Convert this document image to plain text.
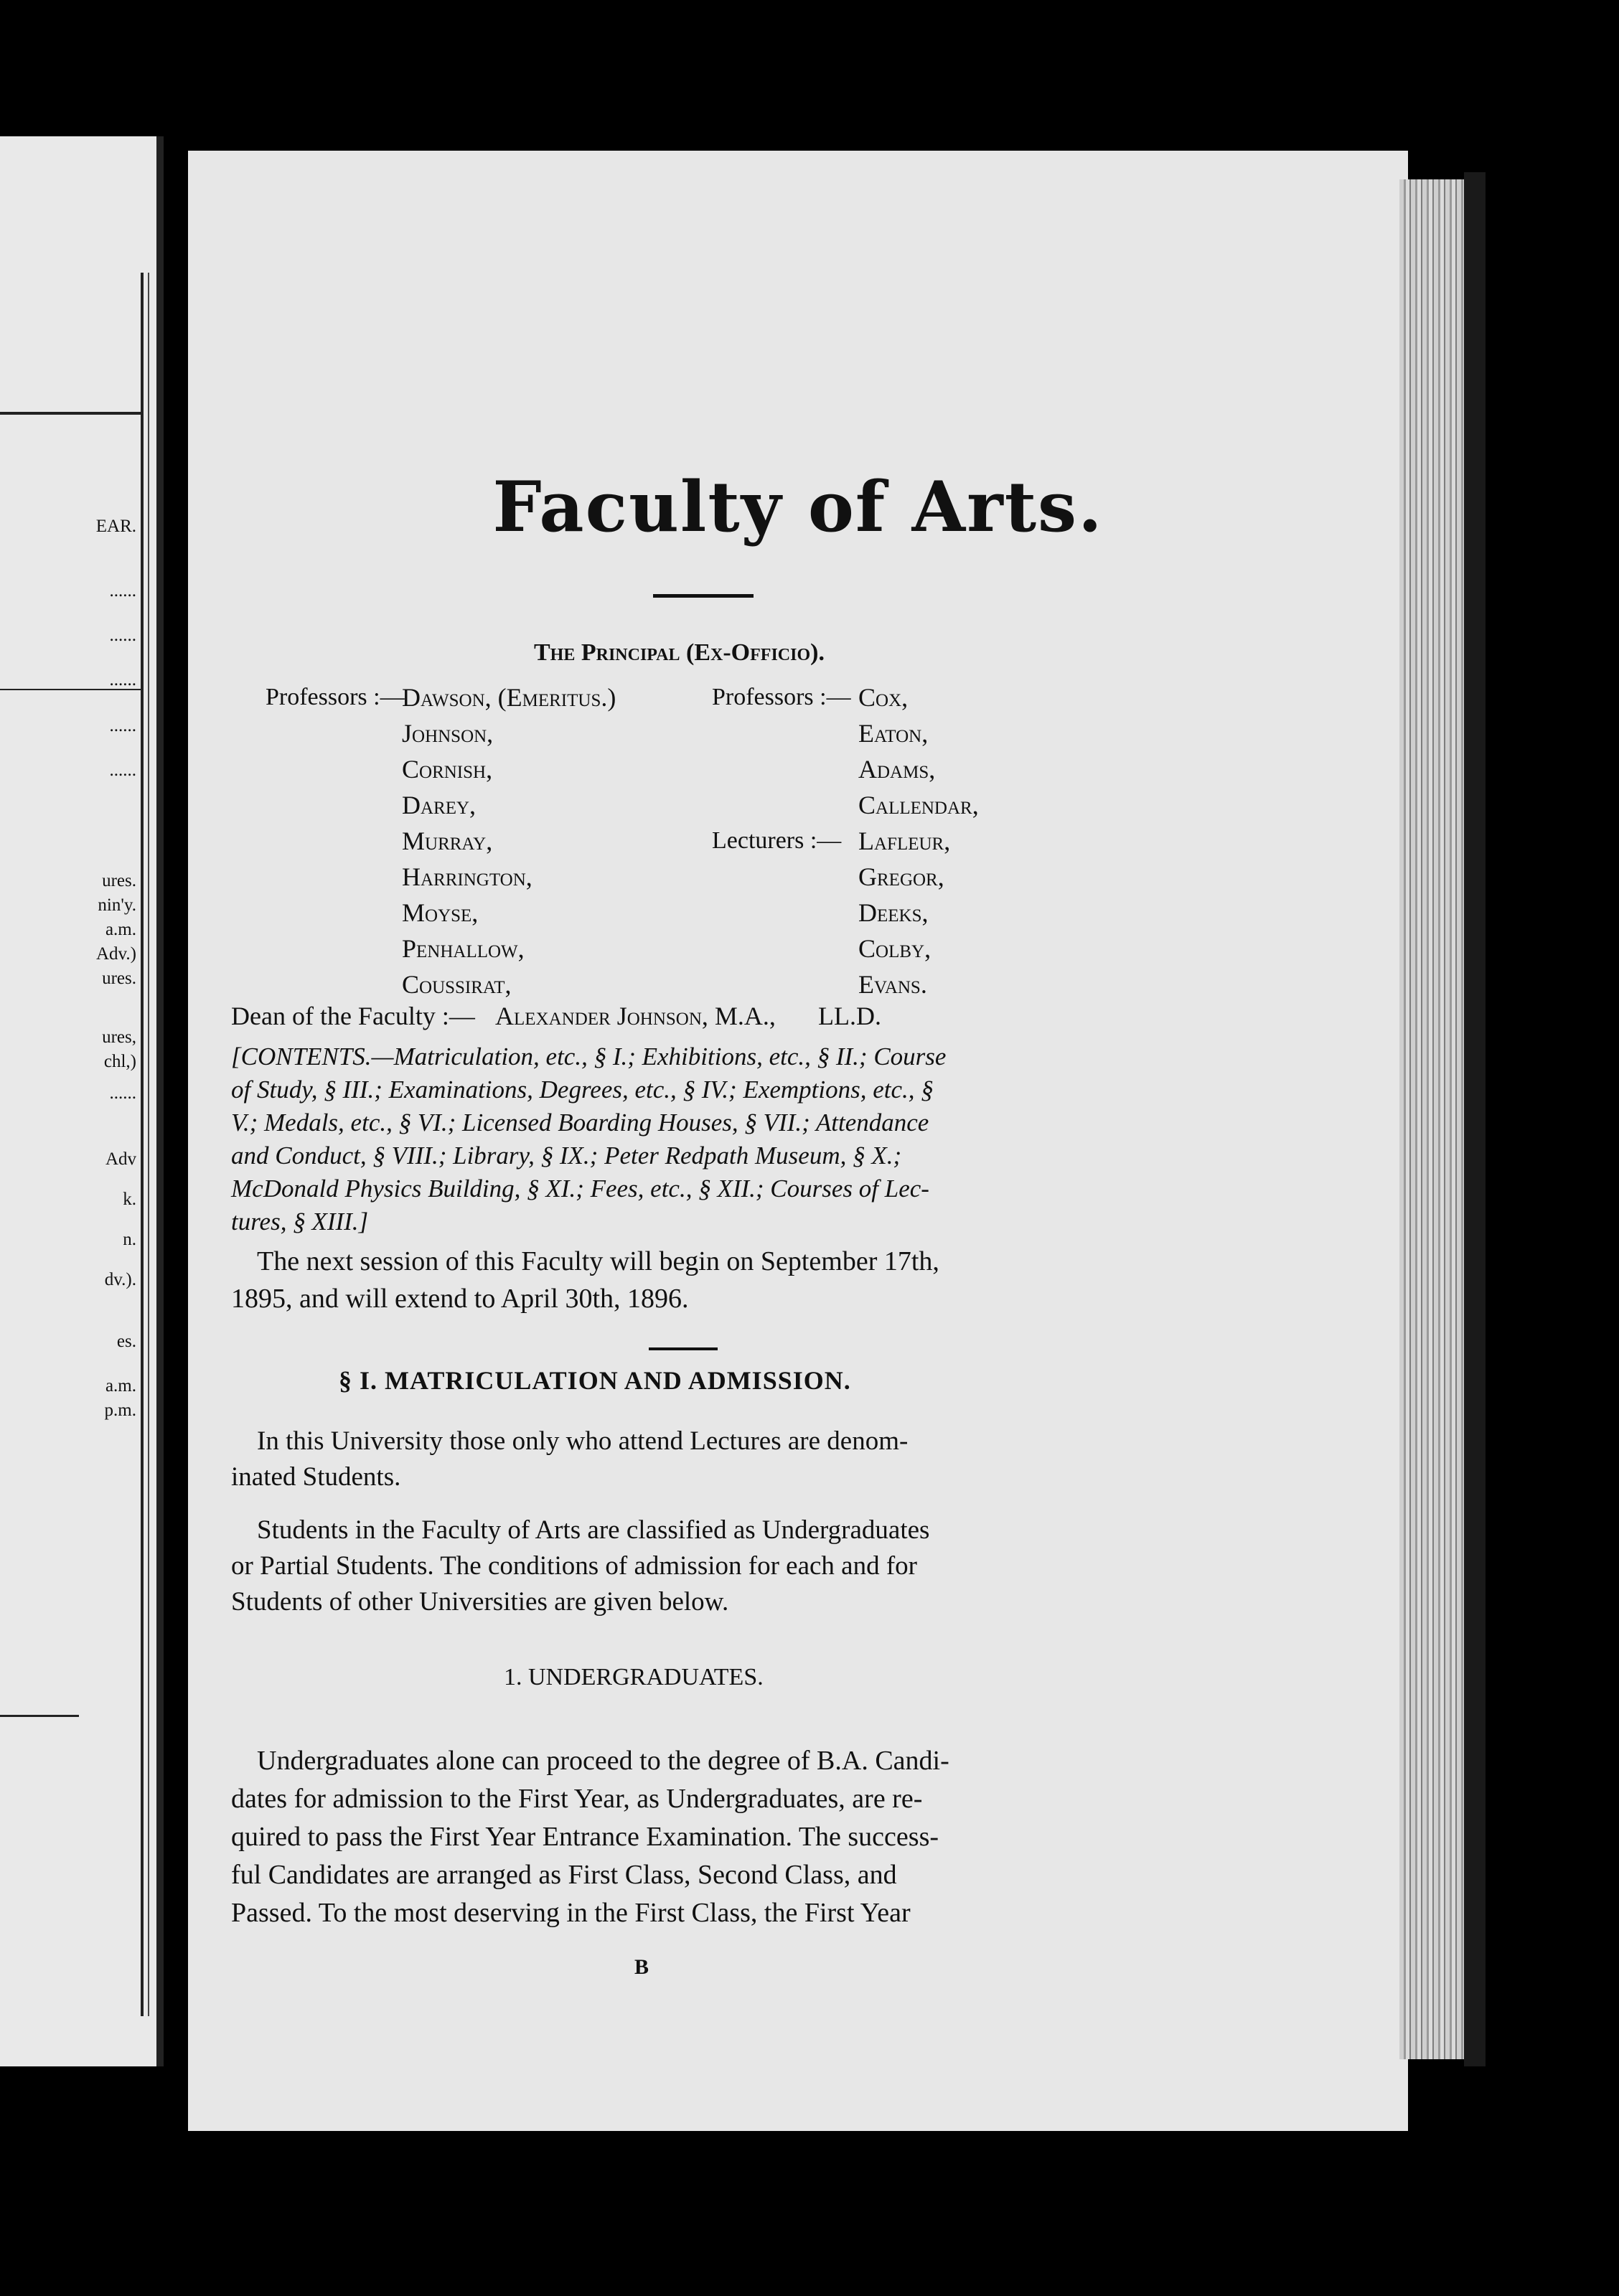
EAR.
......
......
......
......
......
ures.
nin'y.
a.m.
Adv.)
ures.
ures,
chl,)
......
Adv
k.
n.
dv.).
es.
a.m.
p.m.
Faculty of Arts.
The Principal (Ex-Officio).
Professors :—
Dawson, (Emeritus.)
Johnson,
Cornish,
Darey,
Murray,
Harrington,
Moyse,
Penhallow,
Coussirat,
Professors :— Cox,
Eaton,
Adams,
Callendar,
Lecturers :— Lafleur,
Gregor,
Deeks,
Colby,
Evans.
Dean of the Faculty :— Alexander Johnson, M.A., LL.D.
[CONTENTS.—Matriculation, etc., § I.; Exhibitions, etc., § II.; Course
of Study, § III.; Examinations, Degrees, etc., § IV.; Exemptions, etc., §
V.; Medals, etc., § VI.; Licensed Boarding Houses, § VII.; Attendance
and Conduct, § VIII.; Library, § IX.; Peter Redpath Museum, § X.;
McDonald Physics Building, § XI.; Fees, etc., § XII.; Courses of Lec-
tures, § XIII.]
The next session of this Faculty will begin on September 17th,
1895, and will extend to April 30th, 1896.
§ I. MATRICULATION AND ADMISSION.
In this University those only who attend Lectures are denom-
inated Students.
Students in the Faculty of Arts are classified as Undergraduates
or Partial Students. The conditions of admission for each and for
Students of other Universities are given below.
1. UNDERGRADUATES.
Undergraduates alone can proceed to the degree of B.A. Candi-
dates for admission to the First Year, as Undergraduates, are re-
quired to pass the First Year Entrance Examination. The success-
ful Candidates are arranged as First Class, Second Class, and
Passed. To the most deserving in the First Class, the First Year
B
